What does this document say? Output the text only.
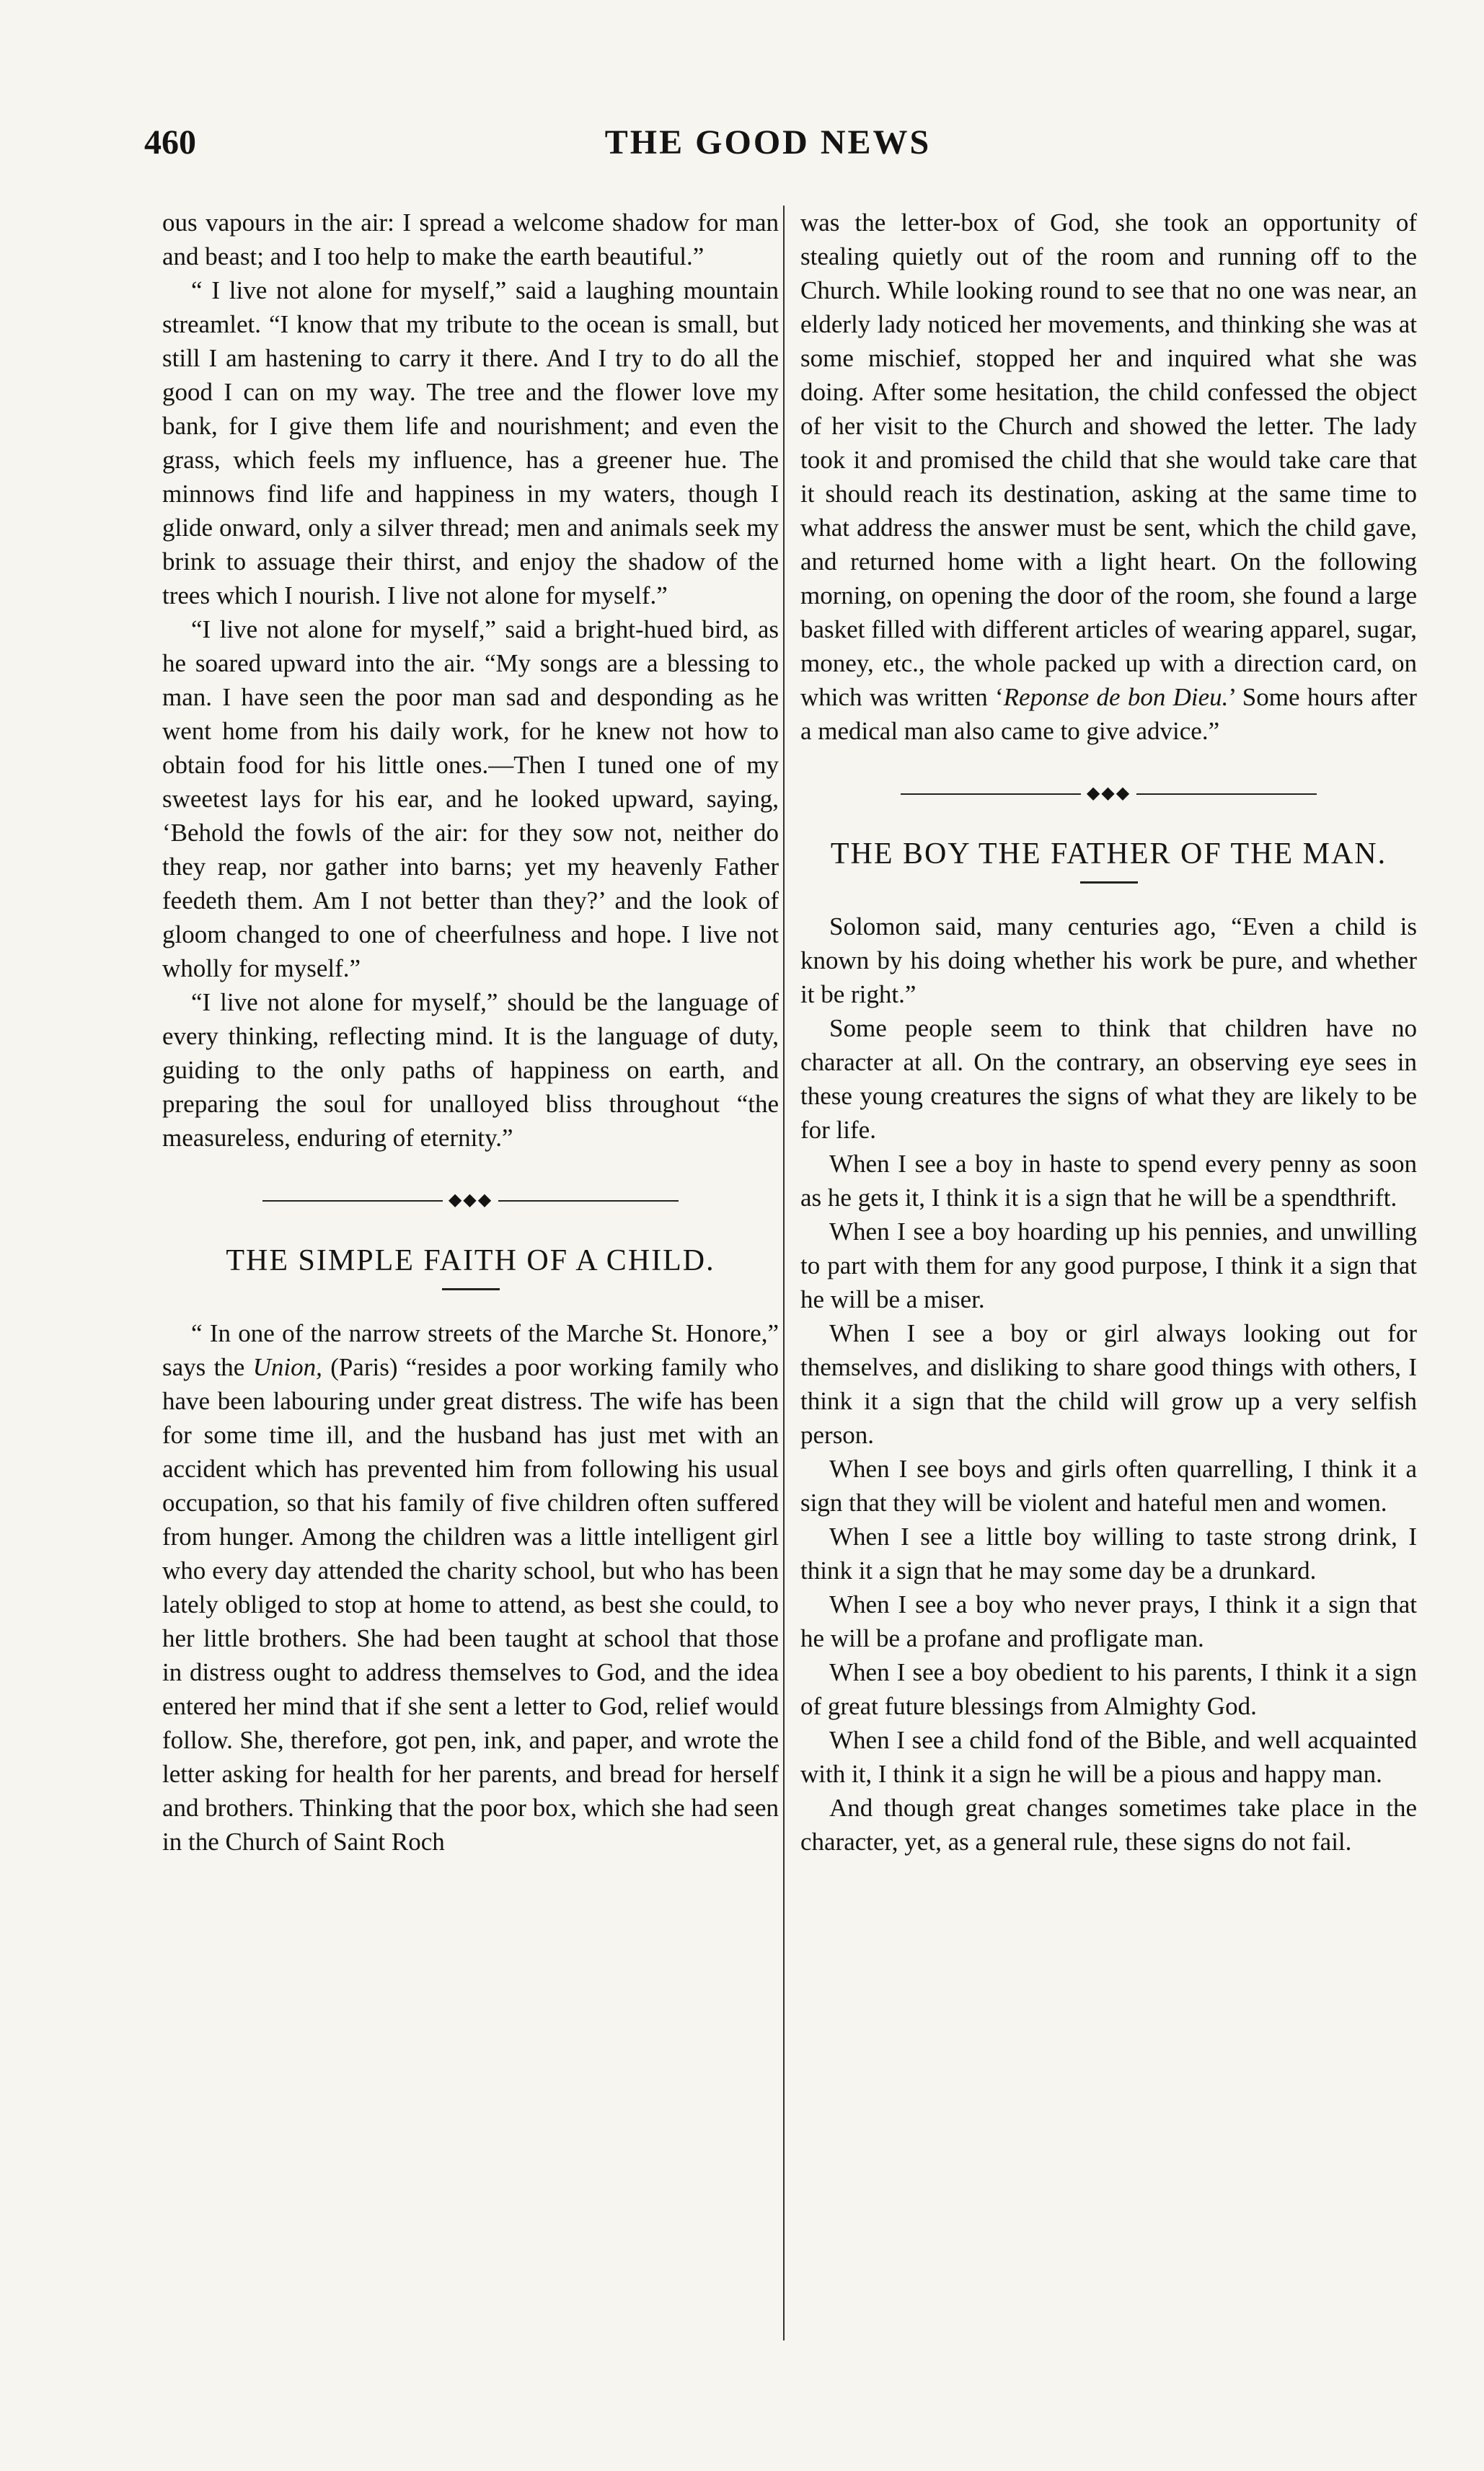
460	THE GOOD NEWS

ous vapours in the air: I spread a welcome shadow for man and beast; and I too help to make the earth beautiful.”

“ I live not alone for myself,” said a laughing mountain streamlet. “I know that my tribute to the ocean is small, but still I am hastening to carry it there. And I try to do all the good I can on my way. The tree and the flower love my bank, for I give them life and nourishment; and even the grass, which feels my influence, has a greener hue. The minnows find life and happiness in my waters, though I glide onward, only a silver thread; men and animals seek my brink to assuage their thirst, and enjoy the shadow of the trees which I nourish. I live not alone for myself.”

“I live not alone for myself,” said a bright-hued bird, as he soared upward into the air. “My songs are a blessing to man. I have seen the poor man sad and desponding as he went home from his daily work, for he knew not how to obtain food for his little ones.—Then I tuned one of my sweetest lays for his ear, and he looked upward, saying, ‘Behold the fowls of the air: for they sow not, neither do they reap, nor gather into barns; yet my heavenly Father feedeth them. Am I not better than they?’ and the look of gloom changed to one of cheerfulness and hope. I live not wholly for myself.”

“I live not alone for myself,” should be the language of every thinking, reflecting mind. It is the language of duty, guiding to the only paths of happiness on earth, and preparing the soul for unalloyed bliss throughout “the measureless, enduring of eternity.”

◆◆◆
THE SIMPLE FAITH OF A CHILD.

“ In one of the narrow streets of the Marche St. Honore,” says the Union, (Paris) “resides a poor working family who have been labouring under great distress. The wife has been for some time ill, and the husband has just met with an accident which has prevented him from following his usual occupation, so that his family of five children often suffered from hunger. Among the children was a little intelligent girl who every day attended the charity school, but who has been lately obliged to stop at home to attend, as best she could, to her little brothers. She had been taught at school that those in distress ought to address themselves to God, and the idea entered her mind that if she sent a letter to God, relief would follow. She, therefore, got pen, ink, and paper, and wrote the letter asking for health for her parents, and bread for herself and brothers. Thinking that the poor box, which she had seen in the Church of Saint Roch

was the letter-box of God, she took an opportunity of stealing quietly out of the room and running off to the Church. While looking round to see that no one was near, an elderly lady noticed her movements, and thinking she was at some mischief, stopped her and inquired what she was doing. After some hesitation, the child confessed the object of her visit to the Church and showed the letter. The lady took it and promised the child that she would take care that it should reach its destination, asking at the same time to what address the answer must be sent, which the child gave, and returned home with a light heart. On the following morning, on opening the door of the room, she found a large basket filled with different articles of wearing apparel, sugar, money, etc., the whole packed up with a direction card, on which was written ‘Reponse de bon Dieu.’ Some hours after a medical man also came to give advice.”

◆◆◆
THE BOY THE FATHER OF THE MAN.

Solomon said, many centuries ago, “Even a child is known by his doing whether his work be pure, and whether it be right.”

Some people seem to think that children have no character at all. On the contrary, an observing eye sees in these young creatures the signs of what they are likely to be for life.

When I see a boy in haste to spend every penny as soon as he gets it, I think it is a sign that he will be a spendthrift.

When I see a boy hoarding up his pennies, and unwilling to part with them for any good purpose, I think it a sign that he will be a miser.

When I see a boy or girl always looking out for themselves, and disliking to share good things with others, I think it a sign that the child will grow up a very selfish person.

When I see boys and girls often quarrelling, I think it a sign that they will be violent and hateful men and women.

When I see a little boy willing to taste strong drink, I think it a sign that he may some day be a drunkard.

When I see a boy who never prays, I think it a sign that he will be a profane and profligate man.

When I see a boy obedient to his parents, I think it a sign of great future blessings from Almighty God.

When I see a child fond of the Bible, and well acquainted with it, I think it a sign he will be a pious and happy man.

And though great changes sometimes take place in the character, yet, as a general rule, these signs do not fail.
